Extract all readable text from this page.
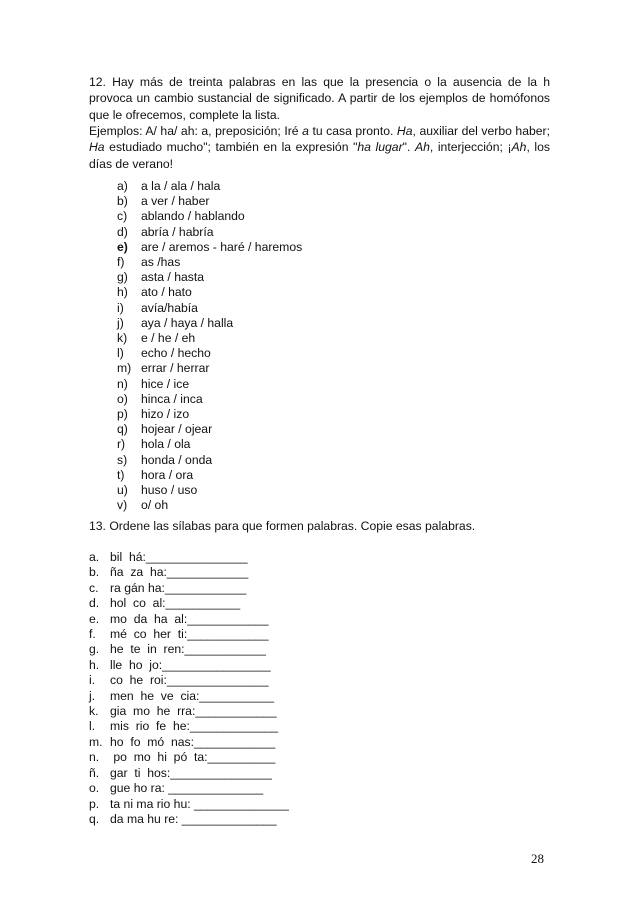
12. Hay más de treinta palabras en las que la presencia o la ausencia de la h provoca un cambio sustancial de significado. A partir de los ejemplos de homófonos que le ofrecemos, complete la lista.

Ejemplos: A/ ha/ ah: a, preposición; Iré a tu casa pronto. Ha, auxiliar del verbo haber; Ha estudiado mucho"; también en la expresión "ha lugar". Ah, interjección; ¡Ah, los días de verano!

a)	a la / ala / hala
b)	a ver / haber
c)	ablando / hablando
d)	abría / habría
e)	are / aremos - haré / haremos
f)	as /has
g)	asta / hasta
h)	ato / hato
i)	avía/había
j)	aya / haya / halla
k)	e / he / eh
l)	echo / hecho
m) errar / herrar
n)	hice / ice
o)	hinca / inca
p)	hizo / izo
q)	hojear / ojear
r)	hola / ola
s)	honda / onda
t)	hora / ora
u)	huso / uso
v)	o/ oh

13. Ordene las sílabas para que formen palabras. Copie esas palabras.

a. bil  há:_______________
b. ña  za  ha:____________
c. ra gán ha:____________
d. hol  co  al:___________
e. mo  da  ha  al:____________
f.	mé  co  her  ti:____________
g. he  te  in  ren:____________
h. lle  ho  jo:________________
i.	co  he  roi:_______________
j.	men  he  ve  cia:___________
k. gia  mo  he  rra:____________
l.	mis  rio  fe  he:_____________
m. ho  fo  mó  nas:____________
n. po  mo  hi  pó  ta:__________
ñ. gar  ti  hos:_______________
o. gue ho ra: ______________
p. ta ni ma rio hu: ______________
q. da ma hu re: ______________
28
